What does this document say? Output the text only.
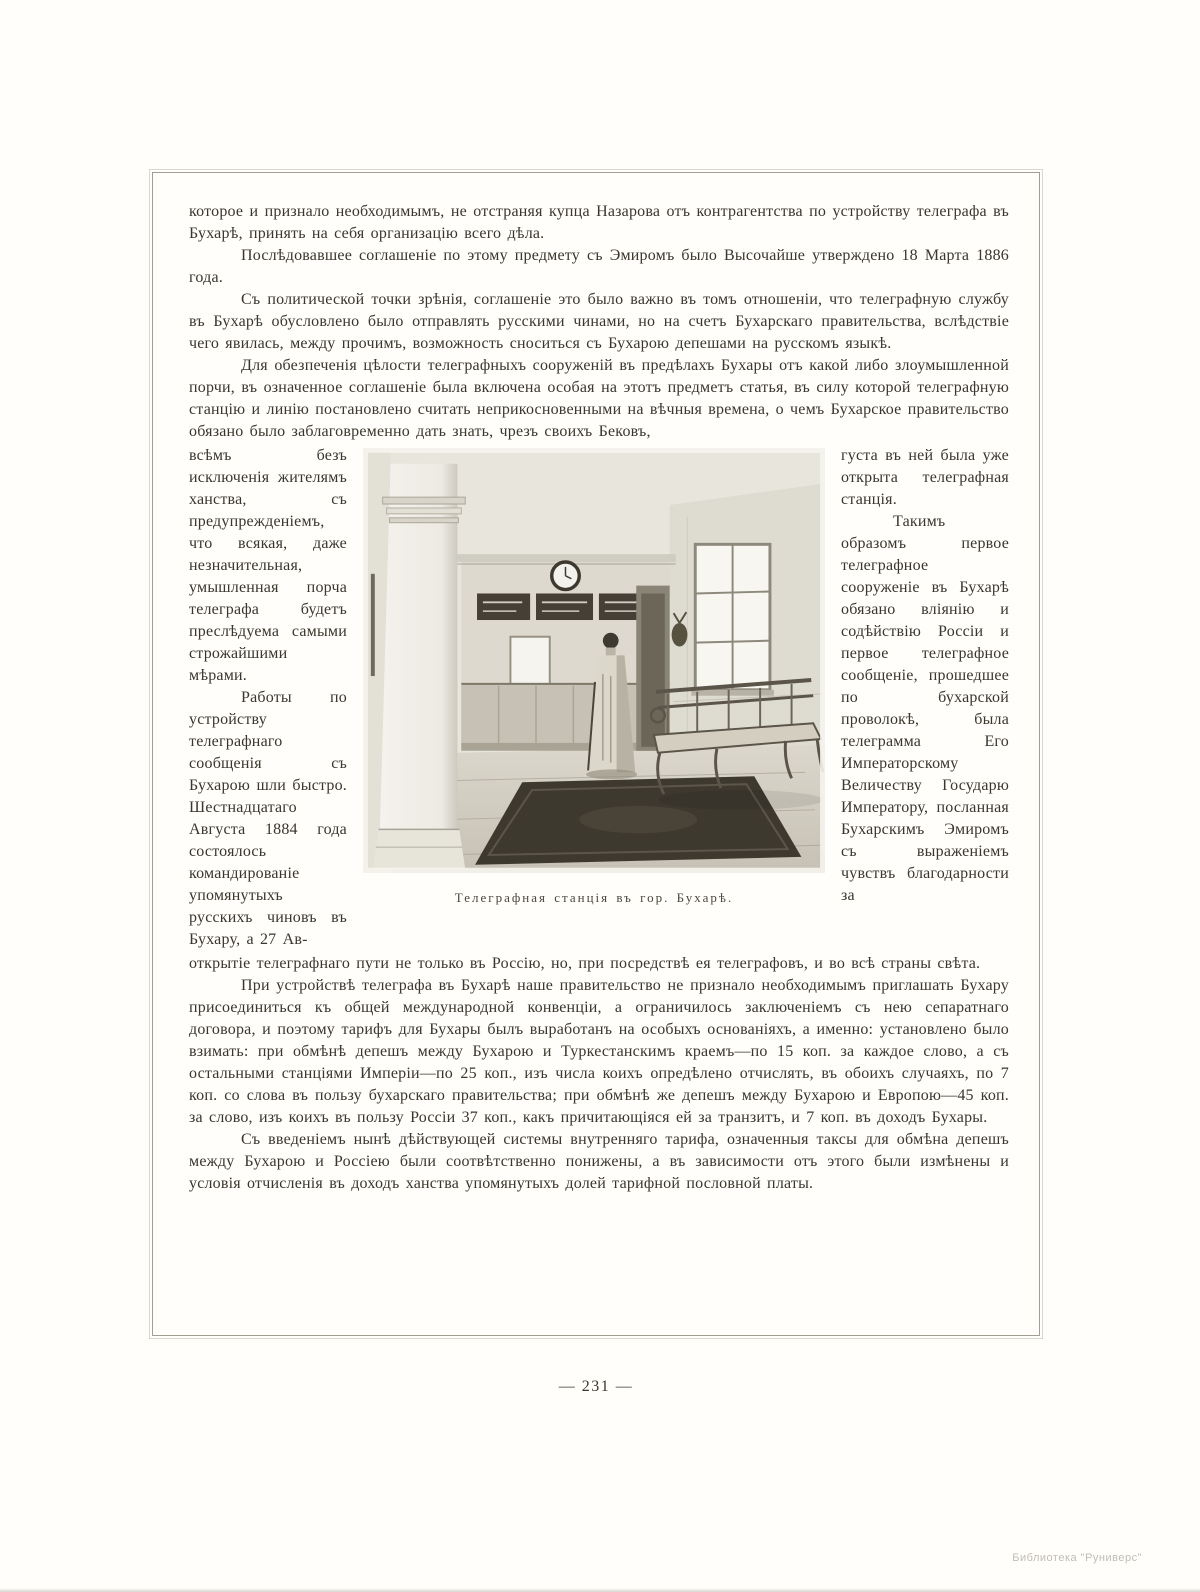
которое и признало необходимымъ, не отстраняя купца Назарова отъ контрагентства по устройству телеграфа въ Бухарѣ, принять на себя организацію всего дѣла.

Послѣдовавшее соглашеніе по этому предмету съ Эмиромъ было Высочайше утверждено 18 Марта 1886 года.

Съ политической точки зрѣнія, соглашеніе это было важно въ томъ отношеніи, что телеграфную службу въ Бухарѣ обусловлено было отправлять русскими чинами, но на счетъ Бухарскаго правительства, вслѣдствіе чего явилась, между прочимъ, возможность сноситься съ Бухарою депешами на русскомъ языкѣ.

Для обезпеченія цѣлости телеграфныхъ сооруженій въ предѣлахъ Бухары отъ какой либо злоумышленной порчи, въ означенное соглашеніе была включена особая на этотъ предметъ статья, въ силу которой телеграфную станцію и линію постановлено считать неприкосновенными на вѣчныя времена, о чемъ Бухарское правительство обязано было заблаговременно дать знать, чрезъ своихъ Бековъ,

всѣмъ безъ исключенія жителямъ ханства, съ предупрежденіемъ, что всякая, даже незначительная, умышленная порча телеграфа будетъ преслѣдуема самыми строжайшими мѣрами.

Работы по устройству телеграфнаго сообщенія съ Бухарою шли быстро. Шестнадцатаго Августа 1884 года состоялось командированіе упомянутыхъ русскихъ чиновъ въ Бухару, а 27 Ав-

Телеграфная станція въ гор. Бухарѣ.

густа въ ней была уже открыта телеграфная станція.

Такимъ образомъ первое телеграфное сооруженіе въ Бухарѣ обязано вліянію и содѣйствію Россіи и первое телеграфное сообщеніе, прошедшее по бухарской проволокѣ, была телеграмма Его Императорскому Величеству Государю Императору, посланная Бухарскимъ Эмиромъ съ выраженіемъ чувствъ благодарности за

открытіе телеграфнаго пути не только въ Россію, но, при посредствѣ ея телеграфовъ, и во всѣ страны свѣта.

При устройствѣ телеграфа въ Бухарѣ наше правительство не признало необходимымъ приглашать Бухару присоединиться къ общей международной конвенціи, а ограничилось заключеніемъ съ нею сепаратнаго договора, и поэтому тарифъ для Бухары былъ выработанъ на особыхъ основаніяхъ, а именно: установлено было взимать: при обмѣнѣ депешъ между Бухарою и Туркестанскимъ краемъ—по 15 коп. за каждое слово, а съ остальными станціями Имперіи—по 25 коп., изъ числа коихъ опредѣлено отчислять, въ обоихъ случаяхъ, по 7 коп. со слова въ пользу бухарскаго правительства; при обмѣнѣ же депешъ между Бухарою и Европою—45 коп. за слово, изъ коихъ въ пользу Россіи 37 коп., какъ причитающіяся ей за транзитъ, и 7 коп. въ доходъ Бухары.

Съ введеніемъ нынѣ дѣйствующей системы внутренняго тарифа, означенныя таксы для обмѣна депешъ между Бухарою и Россіею были соотвѣтственно понижены, а въ зависимости отъ этого были измѣнены и условія отчисленія въ доходъ ханства упомянутыхъ долей тарифной пословной платы.

— 231 —
Библиотека "Руниверс"
